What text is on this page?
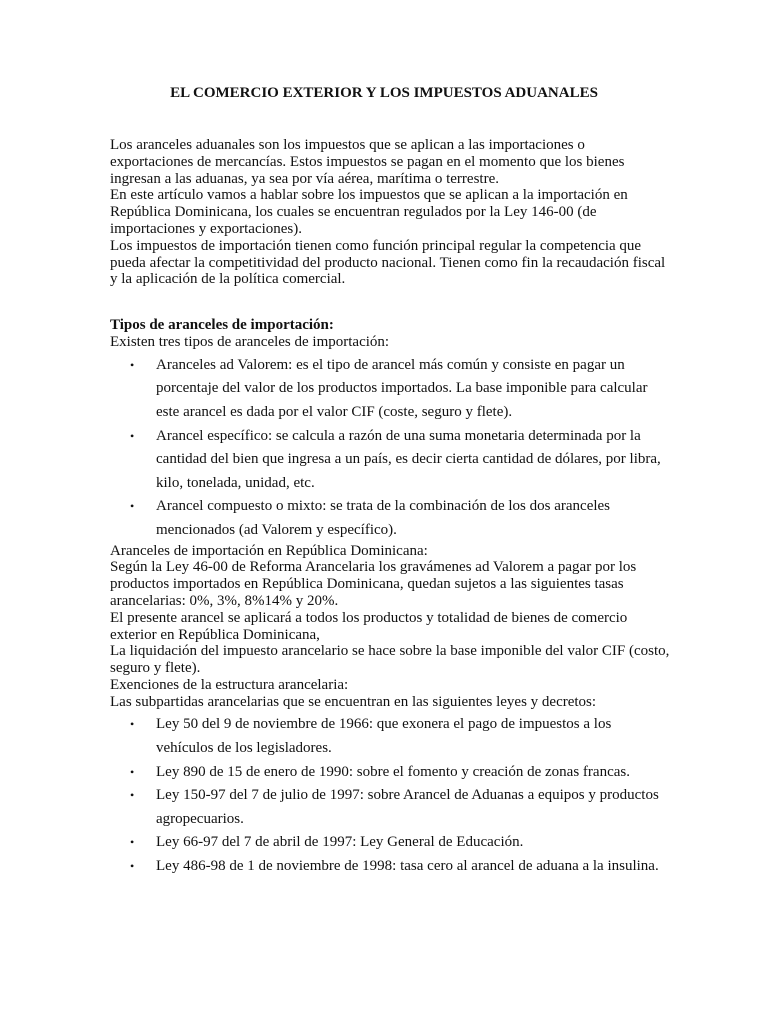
EL COMERCIO EXTERIOR Y LOS IMPUESTOS ADUANALES

Los aranceles aduanales son los impuestos que se aplican a las importaciones o exportaciones de mercancías. Estos impuestos se pagan en el momento que los bienes ingresan a las aduanas, ya sea por vía aérea, marítima o terrestre.

En este artículo vamos a hablar sobre los impuestos que se aplican a la importación en República Dominicana, los cuales se encuentran regulados por la Ley 146-00 (de importaciones y exportaciones).

Los impuestos de importación tienen como función principal regular la competencia que pueda afectar la competitividad del producto nacional. Tienen como fin la recaudación fiscal y la aplicación de la política comercial.

Tipos de aranceles de importación:

Existen tres tipos de aranceles de importación:

• Aranceles ad Valorem: es el tipo de arancel más común y consiste en pagar un porcentaje del valor de los productos importados. La base imponible para calcular este arancel es dada por el valor CIF (coste, seguro y flete).
• Arancel específico: se calcula a razón de una suma monetaria determinada por la cantidad del bien que ingresa a un país, es decir cierta cantidad de dólares, por libra, kilo, tonelada, unidad, etc.
• Arancel compuesto o mixto: se trata de la combinación de los dos aranceles mencionados (ad Valorem y específico).

Aranceles de importación en República Dominicana:

Según la Ley 46-00 de Reforma Arancelaria los gravámenes ad Valorem a pagar por los productos importados en República Dominicana, quedan sujetos a las siguientes tasas arancelarias: 0%, 3%, 8%14% y 20%.

El presente arancel se aplicará a todos los productos y totalidad de bienes de comercio exterior en República Dominicana,

La liquidación del impuesto arancelario se hace sobre la base imponible del valor CIF (costo, seguro y flete).

Exenciones de la estructura arancelaria:

Las subpartidas arancelarias que se encuentran en las siguientes leyes y decretos:

• Ley 50 del 9 de noviembre de 1966: que exonera el pago de impuestos a los vehículos de los legisladores.
• Ley 890 de 15 de enero de 1990: sobre el fomento y creación de zonas francas.
• Ley 150-97 del 7 de julio de 1997: sobre Arancel de Aduanas a equipos y productos agropecuarios.
• Ley 66-97 del 7 de abril de 1997: Ley General de Educación.
• Ley 486-98 de 1 de noviembre de 1998: tasa cero al arancel de aduana a la insulina.
